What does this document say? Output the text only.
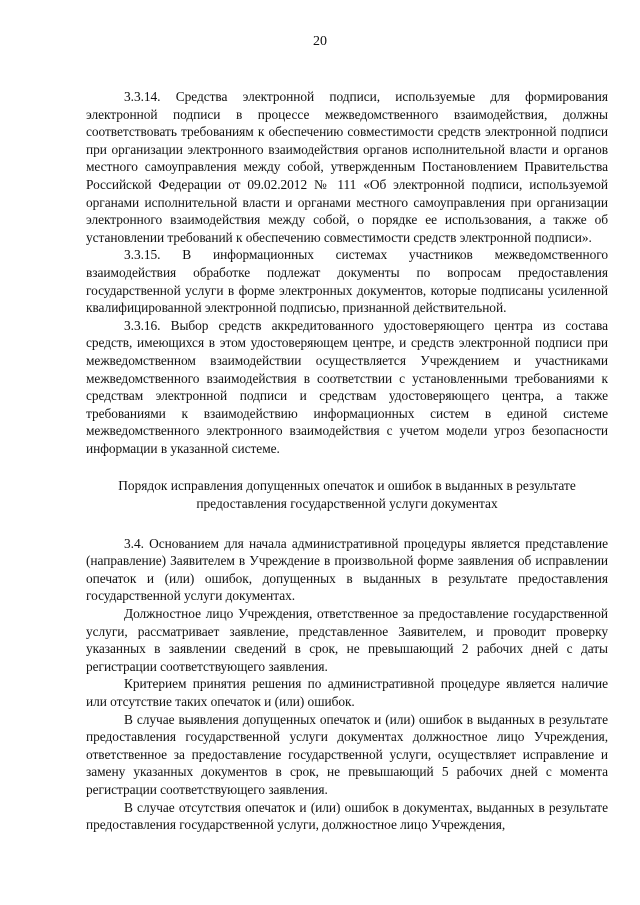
20

3.3.14. Средства электронной подписи, используемые для формирования электронной подписи в процессе межведомственного взаимодействия, должны соответствовать требованиям к обеспечению совместимости средств электронной подписи при организации электронного взаимодействия органов исполнительной власти и органов местного самоуправления между собой, утвержденным Постановлением Правительства Российской Федерации от 09.02.2012 № 111 «Об электронной подписи, используемой органами исполнительной власти и органами местного самоуправления при организации электронного взаимодействия между собой, о порядке ее использования, а также об установлении требований к обеспечению совместимости средств электронной подписи».

3.3.15. В информационных системах участников межведомственного взаимодействия обработке подлежат документы по вопросам предоставления государственной услуги в форме электронных документов, которые подписаны усиленной квалифицированной электронной подписью, признанной действительной.

3.3.16. Выбор средств аккредитованного удостоверяющего центра из состава средств, имеющихся в этом удостоверяющем центре, и средств электронной подписи при межведомственном взаимодействии осуществляется Учреждением и участниками межведомственного взаимодействия в соответствии с установленными требованиями к средствам электронной подписи и средствам удостоверяющего центра, а также требованиями к взаимодействию информационных систем в единой системе межведомственного электронного взаимодействия с учетом модели угроз безопасности информации в указанной системе.

Порядок исправления допущенных опечаток и ошибок в выданных в результате предоставления государственной услуги документах

3.4. Основанием для начала административной процедуры является представление (направление) Заявителем в Учреждение в произвольной форме заявления об исправлении опечаток и (или) ошибок, допущенных в выданных в результате предоставления государственной услуги документах.

Должностное лицо Учреждения, ответственное за предоставление государственной услуги, рассматривает заявление, представленное Заявителем, и проводит проверку указанных в заявлении сведений в срок, не превышающий 2 рабочих дней с даты регистрации соответствующего заявления.

Критерием принятия решения по административной процедуре является наличие или отсутствие таких опечаток и (или) ошибок.

В случае выявления допущенных опечаток и (или) ошибок в выданных в результате предоставления государственной услуги документах должностное лицо Учреждения, ответственное за предоставление государственной услуги, осуществляет исправление и замену указанных документов в срок, не превышающий 5 рабочих дней с момента регистрации соответствующего заявления.

В случае отсутствия опечаток и (или) ошибок в документах, выданных в результате предоставления государственной услуги, должностное лицо Учреждения,
